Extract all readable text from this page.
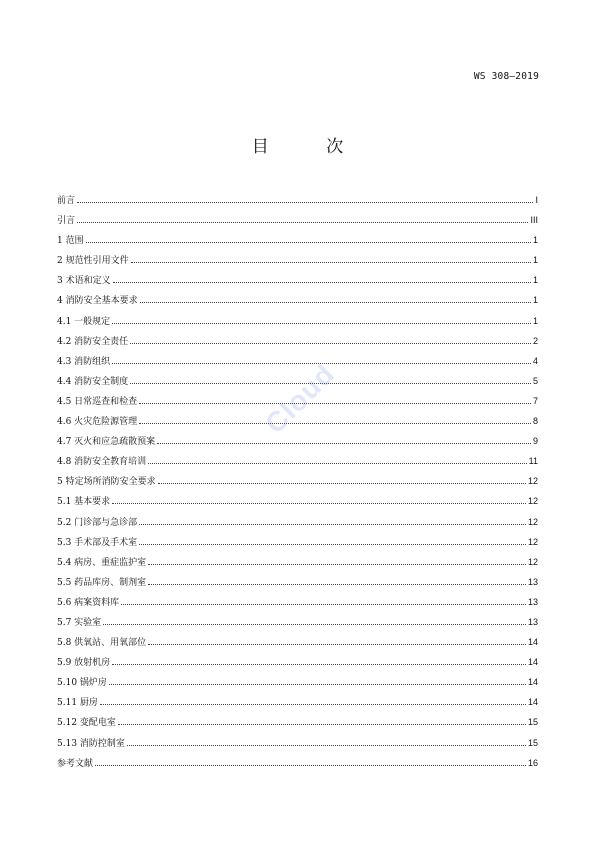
WS 308—2019
目 次
前言	I
引言	III
1 范围	1
2 规范性引用文件	1
3 术语和定义	1
4 消防安全基本要求	1
4.1 一般规定	1
4.2 消防安全责任	2
4.3 消防组织	4
4.4 消防安全制度	5
4.5 日常巡查和检查	7
4.6 火灾危险源管理	8
4.7 灭火和应急疏散预案	9
4.8 消防安全教育培训	11
5 特定场所消防安全要求	12
5.1 基本要求	12
5.2 门诊部与急诊部	12
5.3 手术部及手术室	12
5.4 病房、重症监护室	12
5.5 药品库房、制剂室	13
5.6 病案资料库	13
5.7 实验室	13
5.8 供氧站、用氧部位	14
5.9 放射机房	14
5.10 锅炉房	14
5.11 厨房	14
5.12 变配电室	15
5.13 消防控制室	15
参考文献	16
Cloud
